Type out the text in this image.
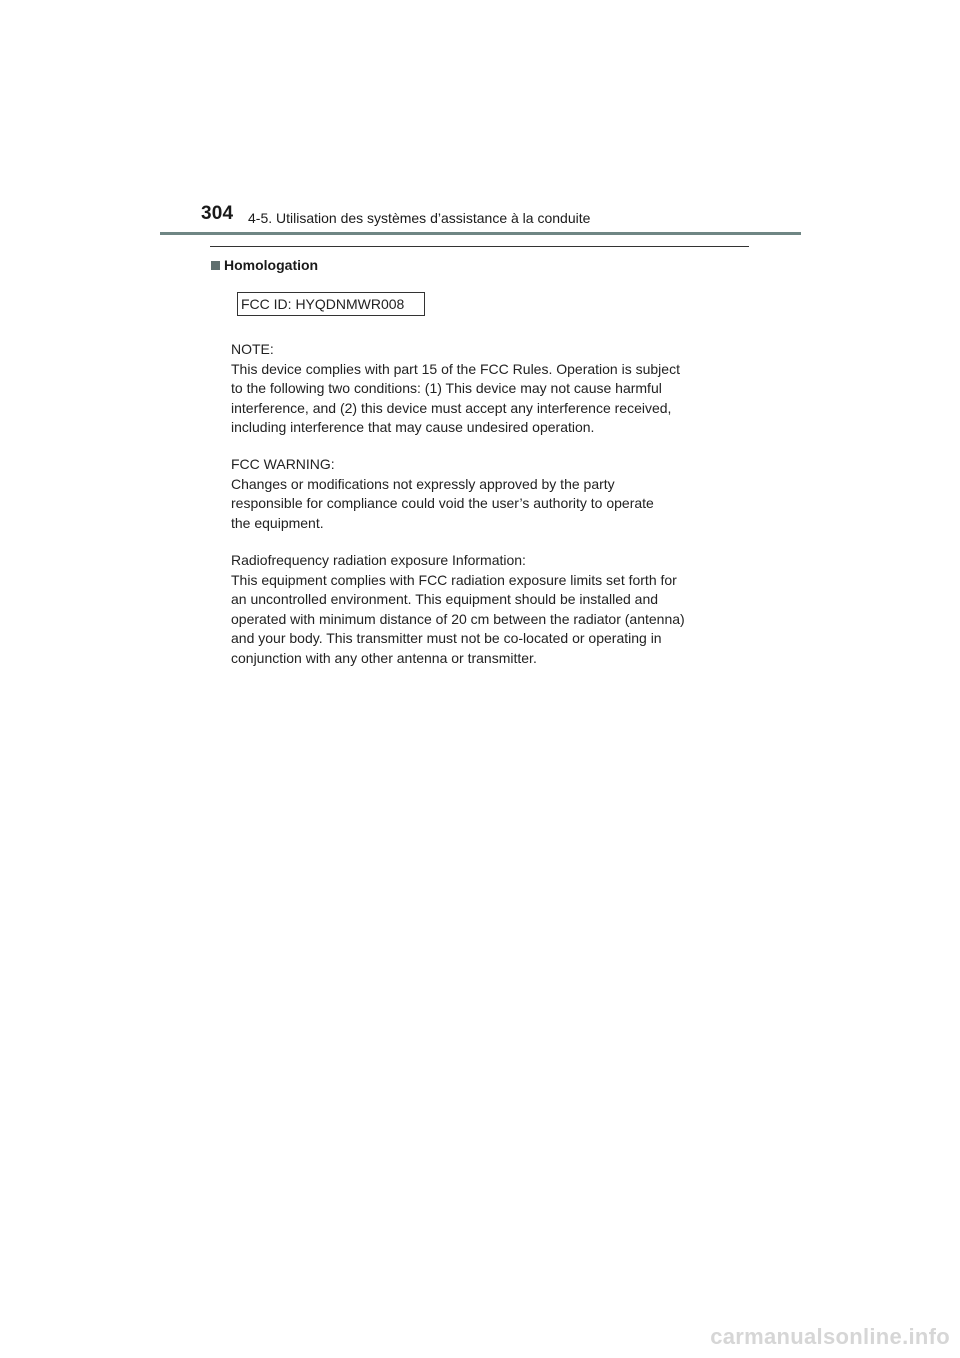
304 4-5. Utilisation des systèmes d’assistance à la conduite
Homologation
FCC ID: HYQDNMWR008

NOTE:

This device complies with part 15 of the FCC Rules. Operation is subject

to the following two conditions: (1) This device may not cause harmful

interference, and (2) this device must accept any interference received,

including interference that may cause undesired operation.

FCC WARNING:

Changes or modifications not expressly approved by the party

responsible for compliance could void the user’s authority to operate

the equipment.

Radiofrequency radiation exposure Information:

This equipment complies with FCC radiation exposure limits set forth for

an uncontrolled environment. This equipment should be installed and

operated with minimum distance of 20 cm between the radiator (antenna)

and your body. This transmitter must not be co-located or operating in

conjunction with any other antenna or transmitter.

carmanualsonline.info
